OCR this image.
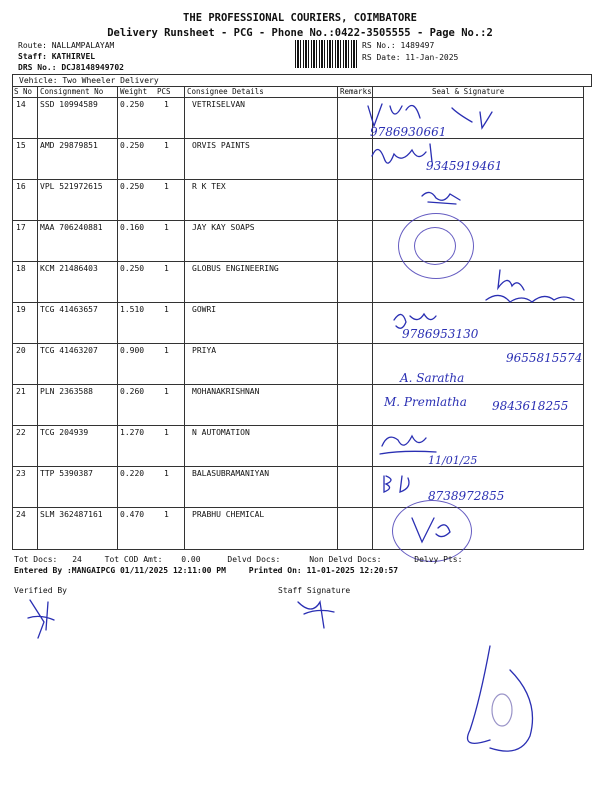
THE PROFESSIONAL COURIERS, COIMBATORE
Delivery Runsheet - PCG - Phone No.:0422-3505555 - Page No.:2
Route: NALLAMPALAYAM
Staff: KATHIRVEL
DRS No.: DCJ8148949702
RS No.: 1489497
RS Date: 11-Jan-2025
Vehicle: Two Wheeler Delivery
S No Consignment No Weight PCS Consignee Details	Remarks	Seal & Signature
14 SSD 10994589	0.250 1	VETRISELVAN
15 AMD 29879851	0.250 1	ORVIS PAINTS
16 VPL 521972615 0.250 1	R K TEX
17 MAA 706240881 0.160 1	JAY KAY SOAPS
18 KCM 21486403	0.250 1	GLOBUS ENGINEERING
19 TCG 41463657	1.510 1	GOWRI
20 TCG 41463207	0.900 1	PRIYA
21 PLN 2363588	0.260 1	MOHANAKRISHNAN
22 TCG 204939	1.270 1	N AUTOMATION
23 TTP 5390387	0.220 1	BALASUBRAMANIYAN
24 SLM 362487161 0.470 1	PRABHU CHEMICAL
9786930661
9345919461
9786953130
9655815574
A. Saratha
M. Premlatha 9843618255
11/01/25
8738972855
Tot Docs: 24	Tot COD Amt: 0.00	Delvd Docs:	Non Delvd Docs:	Delvy Pts:
Entered By :MANGAIPCG 01/11/2025 12:11:00 PM	Printed On: 11-01-2025 12:20:57
Verified By	Staff Signature
